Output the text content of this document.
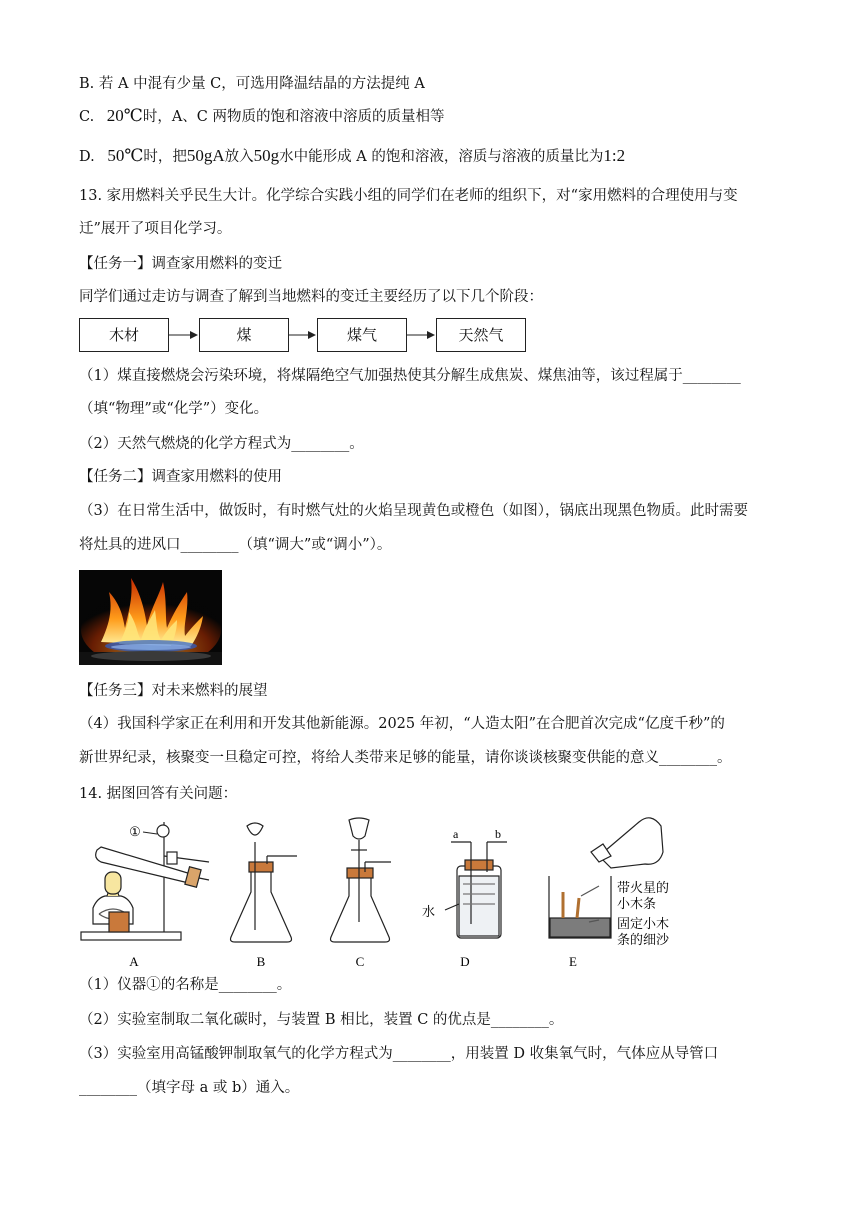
B. 若 A 中混有少量 C，可选用降温结晶的方法提纯 A
C. 20℃时，A、C 两物质的饱和溶液中溶质的质量相等
D. 50℃时，把50gA放入50g水中能形成 A 的饱和溶液，溶质与溶液的质量比为1:2
13. 家用燃料关乎民生大计。化学综合实践小组的同学们在老师的组织下，对“家用燃料的合理使用与变
迁”展开了项目化学习。
【任务一】调查家用燃料的变迁
同学们通过走访与调查了解到当地燃料的变迁主要经历了以下几个阶段：
木材	煤	煤气	天然气
（1）煤直接燃烧会污染环境，将煤隔绝空气加强热使其分解生成焦炭、煤焦油等，该过程属于________
（填“物理”或“化学”）变化。
（2）天然气燃烧的化学方程式为________。
【任务二】调查家用燃料的使用
（3）在日常生活中，做饭时，有时燃气灶的火焰呈现黄色或橙色（如图），锅底出现黑色物质。此时需要
将灶具的进风口________（填“调大”或“调小”）。
【任务三】对未来燃料的展望
（4）我国科学家正在利用和开发其他新能源。2025 年初，“人造太阳”在合肥首次完成“亿度千秒”的
新世界纪录，核聚变一旦稳定可控，将给人类带来足够的能量，请你谈谈核聚变供能的意义________。
14. 据图回答有关问题：
①	a	b
水
带火星的
小木条
固定小木
条的细沙
A	B	C	D	E
（1）仪器①的名称是________。
（2）实验室制取二氧化碳时，与装置 B 相比，装置 C 的优点是________。
（3）实验室用高锰酸钾制取氧气的化学方程式为________，用装置 D 收集氧气时，气体应从导管口
________（填字母 a 或 b）通入。
